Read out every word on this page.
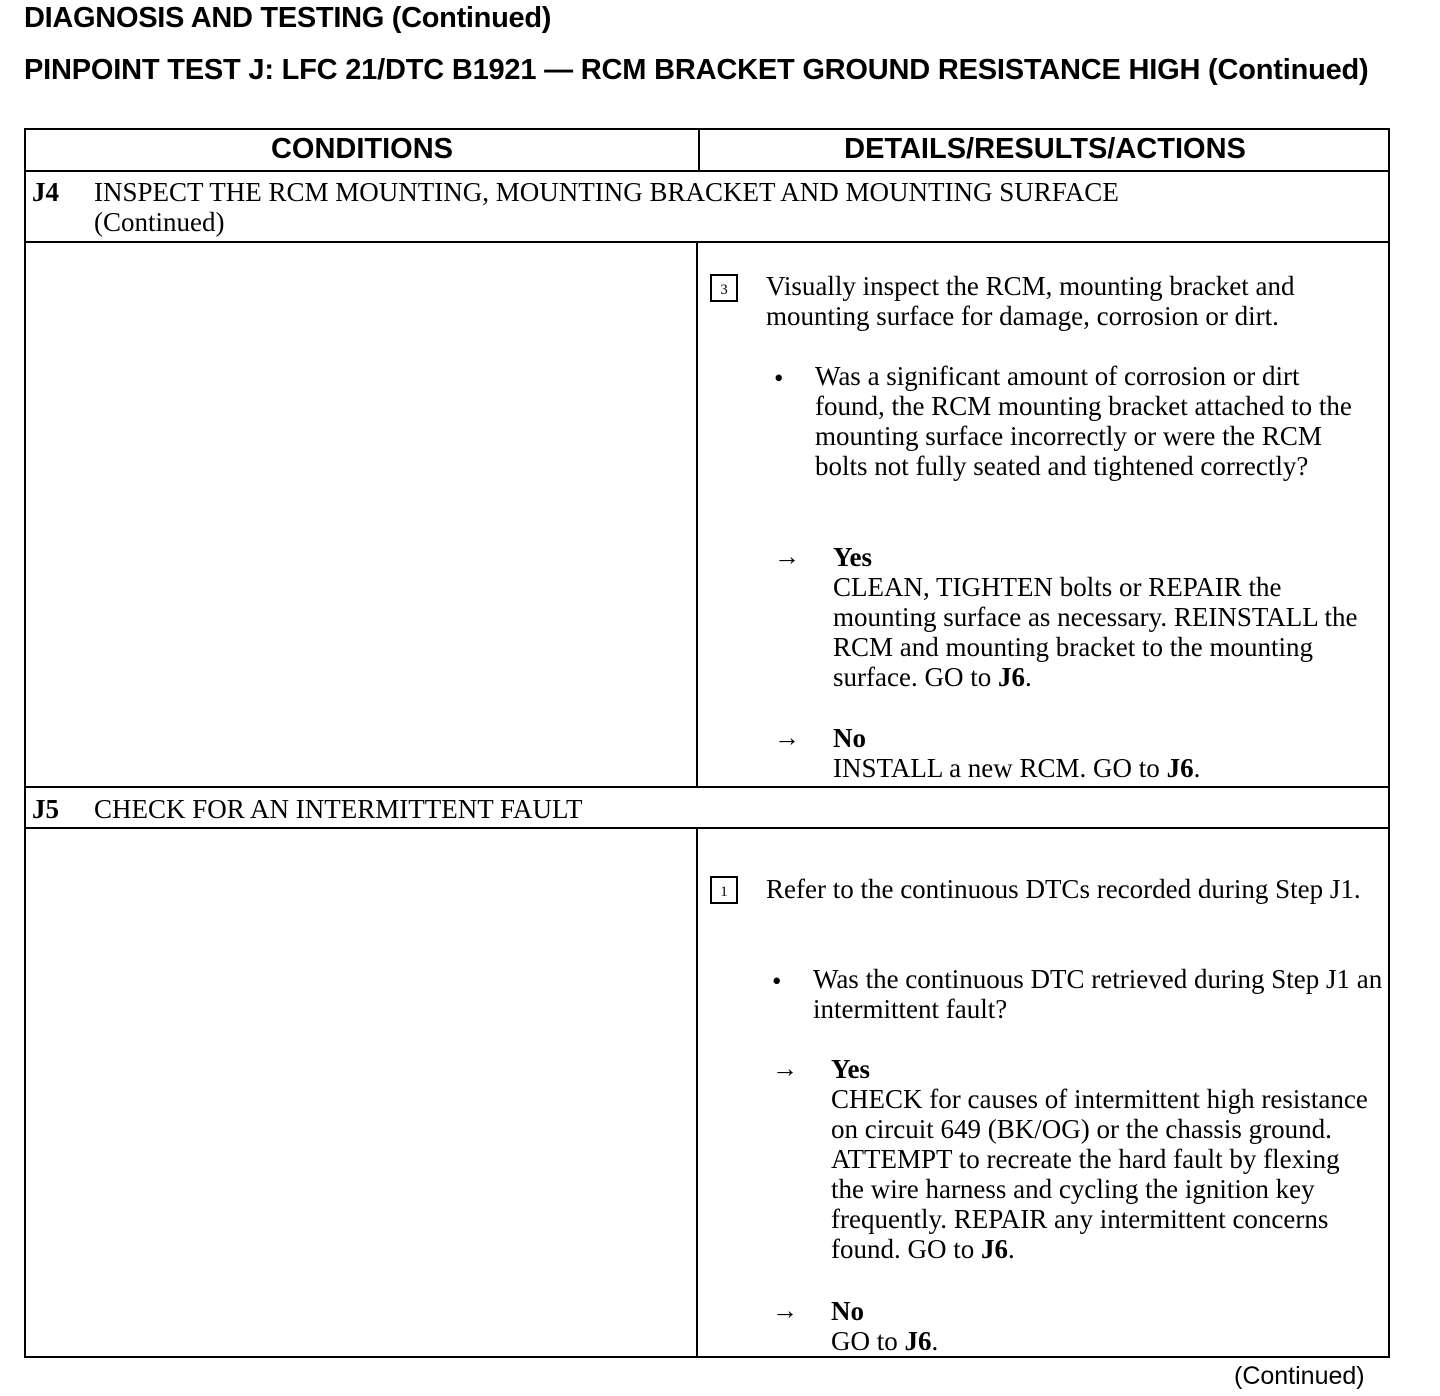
DIAGNOSIS AND TESTING (Continued)
PINPOINT TEST J: LFC 21/DTC B1921 — RCM BRACKET GROUND RESISTANCE HIGH (Continued)
CONDITIONS	DETAILS/RESULTS/ACTIONS
J4 INSPECT THE RCM MOUNTING, MOUNTING BRACKET AND MOUNTING SURFACE
(Continued)
3	Visually inspect the RCM, mounting bracket and mounting surface for damage, corrosion or dirt.
• Was a significant amount of corrosion or dirt found, the RCM mounting bracket attached to the mounting surface incorrectly or were the RCM bolts not fully seated and tightened correctly?
→ Yes
CLEAN, TIGHTEN bolts or REPAIR the mounting surface as necessary. REINSTALL the RCM and mounting bracket to the mounting surface. GO to J6.
→ No
INSTALL a new RCM. GO to J6.
J5 CHECK FOR AN INTERMITTENT FAULT
1	Refer to the continuous DTCs recorded during Step J1.
• Was the continuous DTC retrieved during Step J1 an intermittent fault?
→ Yes
CHECK for causes of intermittent high resistance on circuit 649 (BK/OG) or the chassis ground. ATTEMPT to recreate the hard fault by flexing the wire harness and cycling the ignition key frequently. REPAIR any intermittent concerns found. GO to J6.
→ No
GO to J6.
(Continued)
